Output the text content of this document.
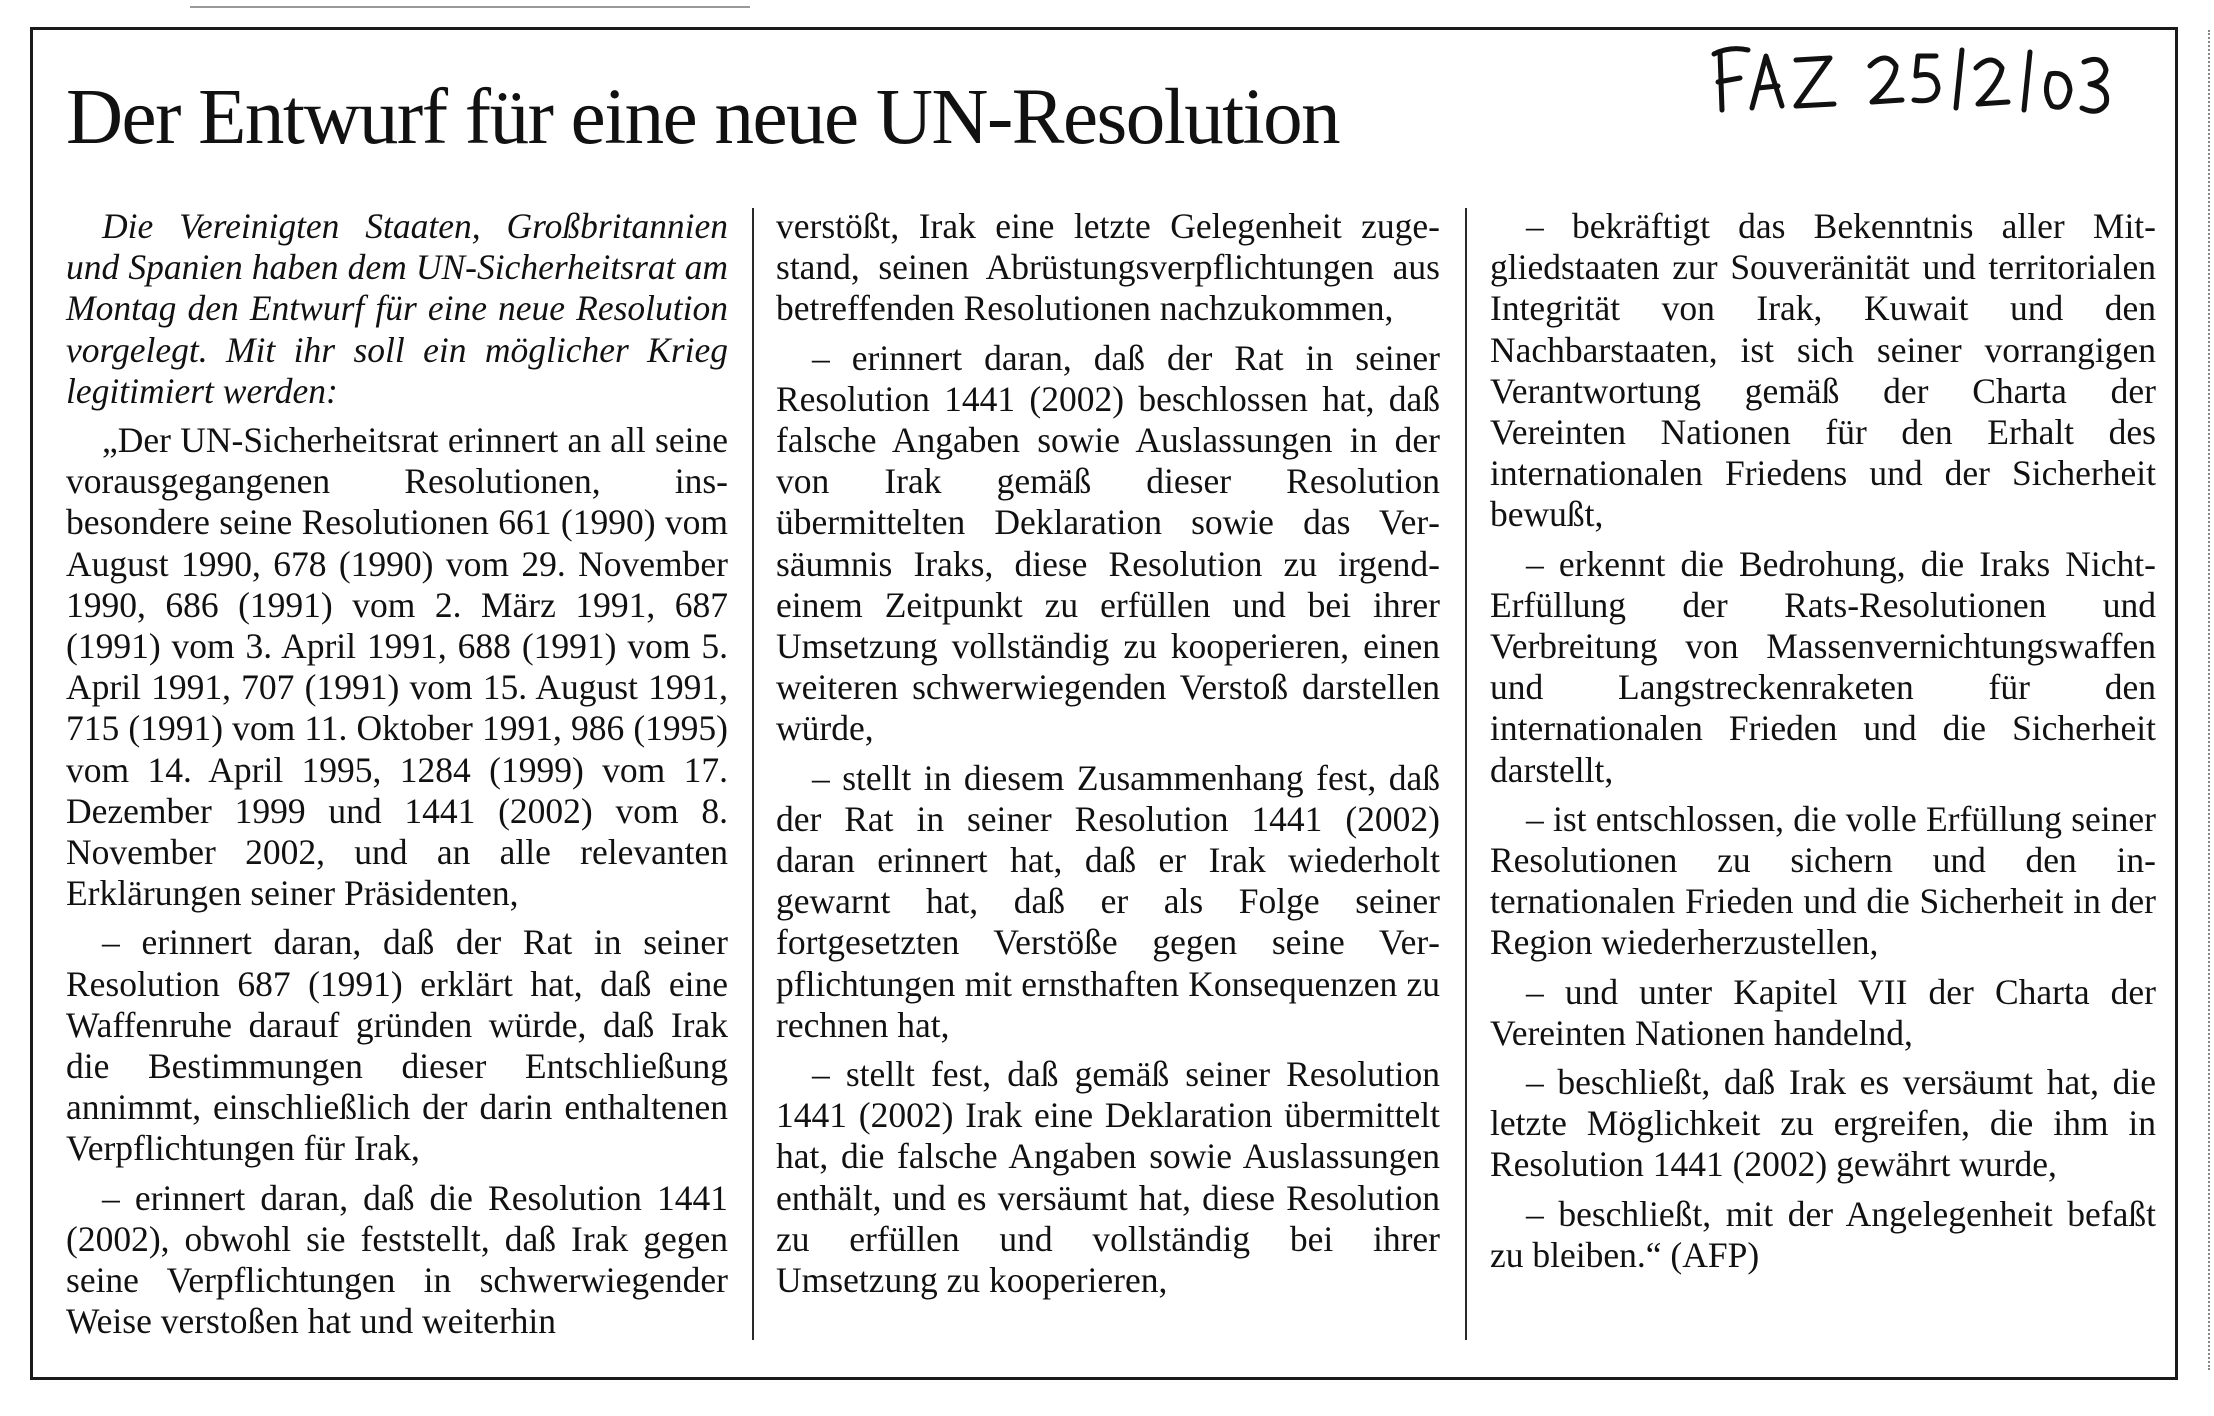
Der Entwurf für eine neue UN-Resolution

Die Vereinigten Staaten, Großbritannien und Spanien haben dem UN-Sicherheitsrat am Montag den Entwurf für eine neue Resolution vorgelegt. Mit ihr soll ein möglicher Krieg legitimiert werden:

„Der UN-Sicherheitsrat erinnert an all seine vorausgegangenen Resolutionen, insbesondere seine Resolutionen 661 (1990) vom August 1990, 678 (1990) vom 29. November 1990, 686 (1991) vom 2. März 1991, 687 (1991) vom 3. April 1991, 688 (1991) vom 5. April 1991, 707 (1991) vom 15. August 1991, 715 (1991) vom 11. Oktober 1991, 986 (1995) vom 14. April 1995, 1284 (1999) vom 17. Dezember 1999 und 1441 (2002) vom 8. November 2002, und an alle relevanten Erklärungen seiner Präsidenten,

– erinnert daran, daß der Rat in seiner Resolution 687 (1991) erklärt hat, daß eine Waffenruhe darauf gründen würde, daß Irak die Bestimmungen dieser Entschließung annimmt, einschließlich der darin enthaltenen Verpflichtungen für Irak,

– erinnert daran, daß die Resolution 1441 (2002), obwohl sie feststellt, daß Irak gegen seine Verpflichtungen in schwerwiegender Weise verstoßen hat und weiterhin

verstößt, Irak eine letzte Gelegenheit zugestand, seinen Abrüstungsverpflichtungen aus betreffenden Resolutionen nachzukommen,

– erinnert daran, daß der Rat in seiner Resolution 1441 (2002) beschlossen hat, daß falsche Angaben sowie Auslassungen in der von Irak gemäß dieser Resolution übermittelten Deklaration sowie das Versäumnis Iraks, diese Resolution zu irgendeinem Zeitpunkt zu erfüllen und bei ihrer Umsetzung vollständig zu kooperieren, einen weiteren schwerwiegenden Verstoß darstellen würde,

– stellt in diesem Zusammenhang fest, daß der Rat in seiner Resolution 1441 (2002) daran erinnert hat, daß er Irak wiederholt gewarnt hat, daß er als Folge seiner fortgesetzten Verstöße gegen seine Verpflichtungen mit ernsthaften Konsequenzen zu rechnen hat,

– stellt fest, daß gemäß seiner Resolution 1441 (2002) Irak eine Deklaration übermittelt hat, die falsche Angaben sowie Auslassungen enthält, und es versäumt hat, diese Resolution zu erfüllen und vollständig bei ihrer Umsetzung zu kooperieren,

– bekräftigt das Bekenntnis aller Mitgliedstaaten zur Souveränität und territorialen Integrität von Irak, Kuwait und den Nachbarstaaten, ist sich seiner vorrangigen Verantwortung gemäß der Charta der Vereinten Nationen für den Erhalt des internationalen Friedens und der Sicherheit bewußt,

– erkennt die Bedrohung, die Iraks Nicht-Erfüllung der Rats-Resolutionen und Verbreitung von Massenvernichtungswaffen und Langstreckenraketen für den internationalen Frieden und die Sicherheit darstellt,

– ist entschlossen, die volle Erfüllung seiner Resolutionen zu sichern und den internationalen Frieden und die Sicherheit in der Region wiederherzustellen,

– und unter Kapitel VII der Charta der Vereinten Nationen handelnd,

– beschließt, daß Irak es versäumt hat, die letzte Möglichkeit zu ergreifen, die ihm in Resolution 1441 (2002) gewährt wurde,

– beschließt, mit der Angelegenheit befaßt zu bleiben.“ (AFP)
